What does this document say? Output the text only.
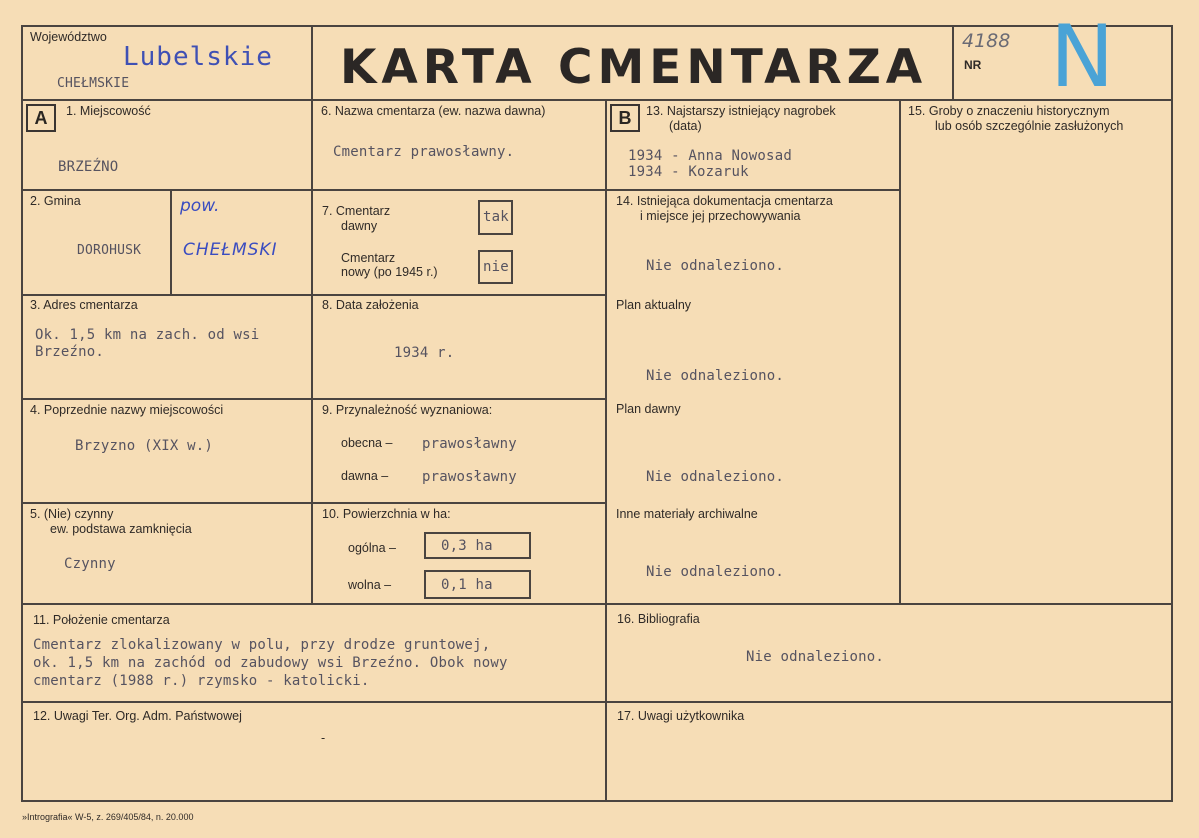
Województwo
Lubelskie
CHEŁMSKIE	KARTA CMENTARZA 4188
NR N
A	B
1. Miejscowość
BRZEŹNO
6. Nazwa cmentarza (ew. nazwa dawna)
Cmentarz prawosławny.
13. Najstarszy istniejący nagrobek
(data)
1934 - Anna Nowosad
1934 - Kozaruk
15. Groby o znaczeniu historycznym
lub osób szczególnie zasłużonych
2. Gmina
DOROHUSK
pow.
CHEŁMSKI
7. Cmentarz
dawny
tak
Cmentarz
nowy (po 1945 r.)	nie
14. Istniejąca dokumentacja cmentarza
i miejsce jej przechowywania
Nie odnaleziono.
3. Adres cmentarza
Ok. 1,5 km na zach. od wsi
Brzeźno.
8. Data założenia
1934 r.
Plan aktualny
Nie odnaleziono.
4. Poprzednie nazwy miejscowości
Brzyzno (XIX w.)
9. Przynależność wyznaniowa:
obecna – prawosławny
dawna – prawosławny
Plan dawny
Nie odnaleziono.
5. (Nie) czynny
ew. podstawa zamknięcia
Czynny
10. Powierzchnia w ha:
ogólna –	0,3 ha
wolna –	0,1 ha
Inne materiały archiwalne
Nie odnaleziono.
11. Położenie cmentarza
Cmentarz zlokalizowany w polu, przy drodze gruntowej,
ok. 1,5 km na zachód od zabudowy wsi Brzeźno. Obok nowy
cmentarz (1988 r.) rzymsko - katolicki.
16. Bibliografia
Nie odnaleziono.
12. Uwagi Ter. Org. Adm. Państwowej
-
17. Uwagi użytkownika
»Intrografia« W-5, z. 269/405/84, n. 20.000
